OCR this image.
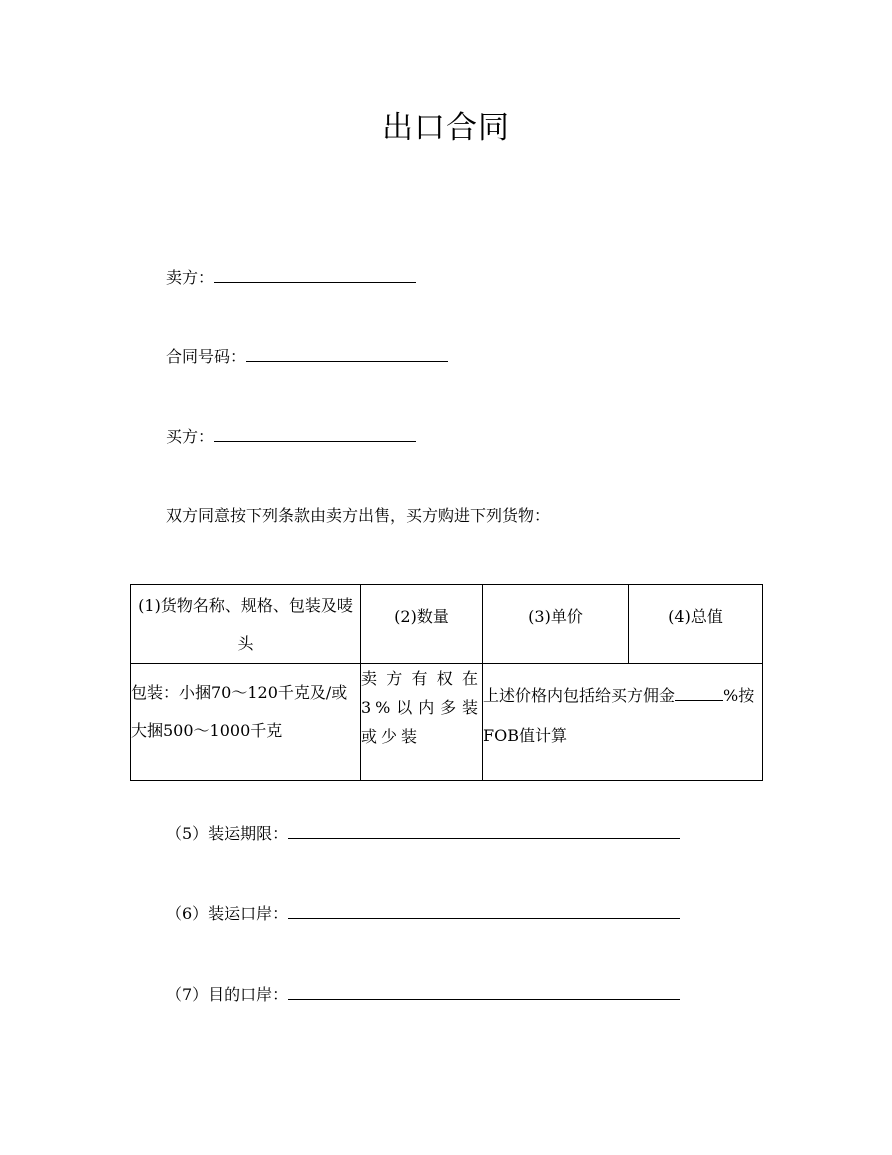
出口合同
卖方：
合同号码：
买方：
双方同意按下列条款由卖方出售，买方购进下列货物：
(1)货物名称、规格、包装及唛头	(2)数量	(3)单价	(4)总值
包装：小捆70～120千克及/或大捆500～1000千克	卖方有权在3%以内多装或少装	上述价格内包括给买方佣金 %按FOB值计算	
（5）装运期限：
（6）装运口岸：
（7）目的口岸：
